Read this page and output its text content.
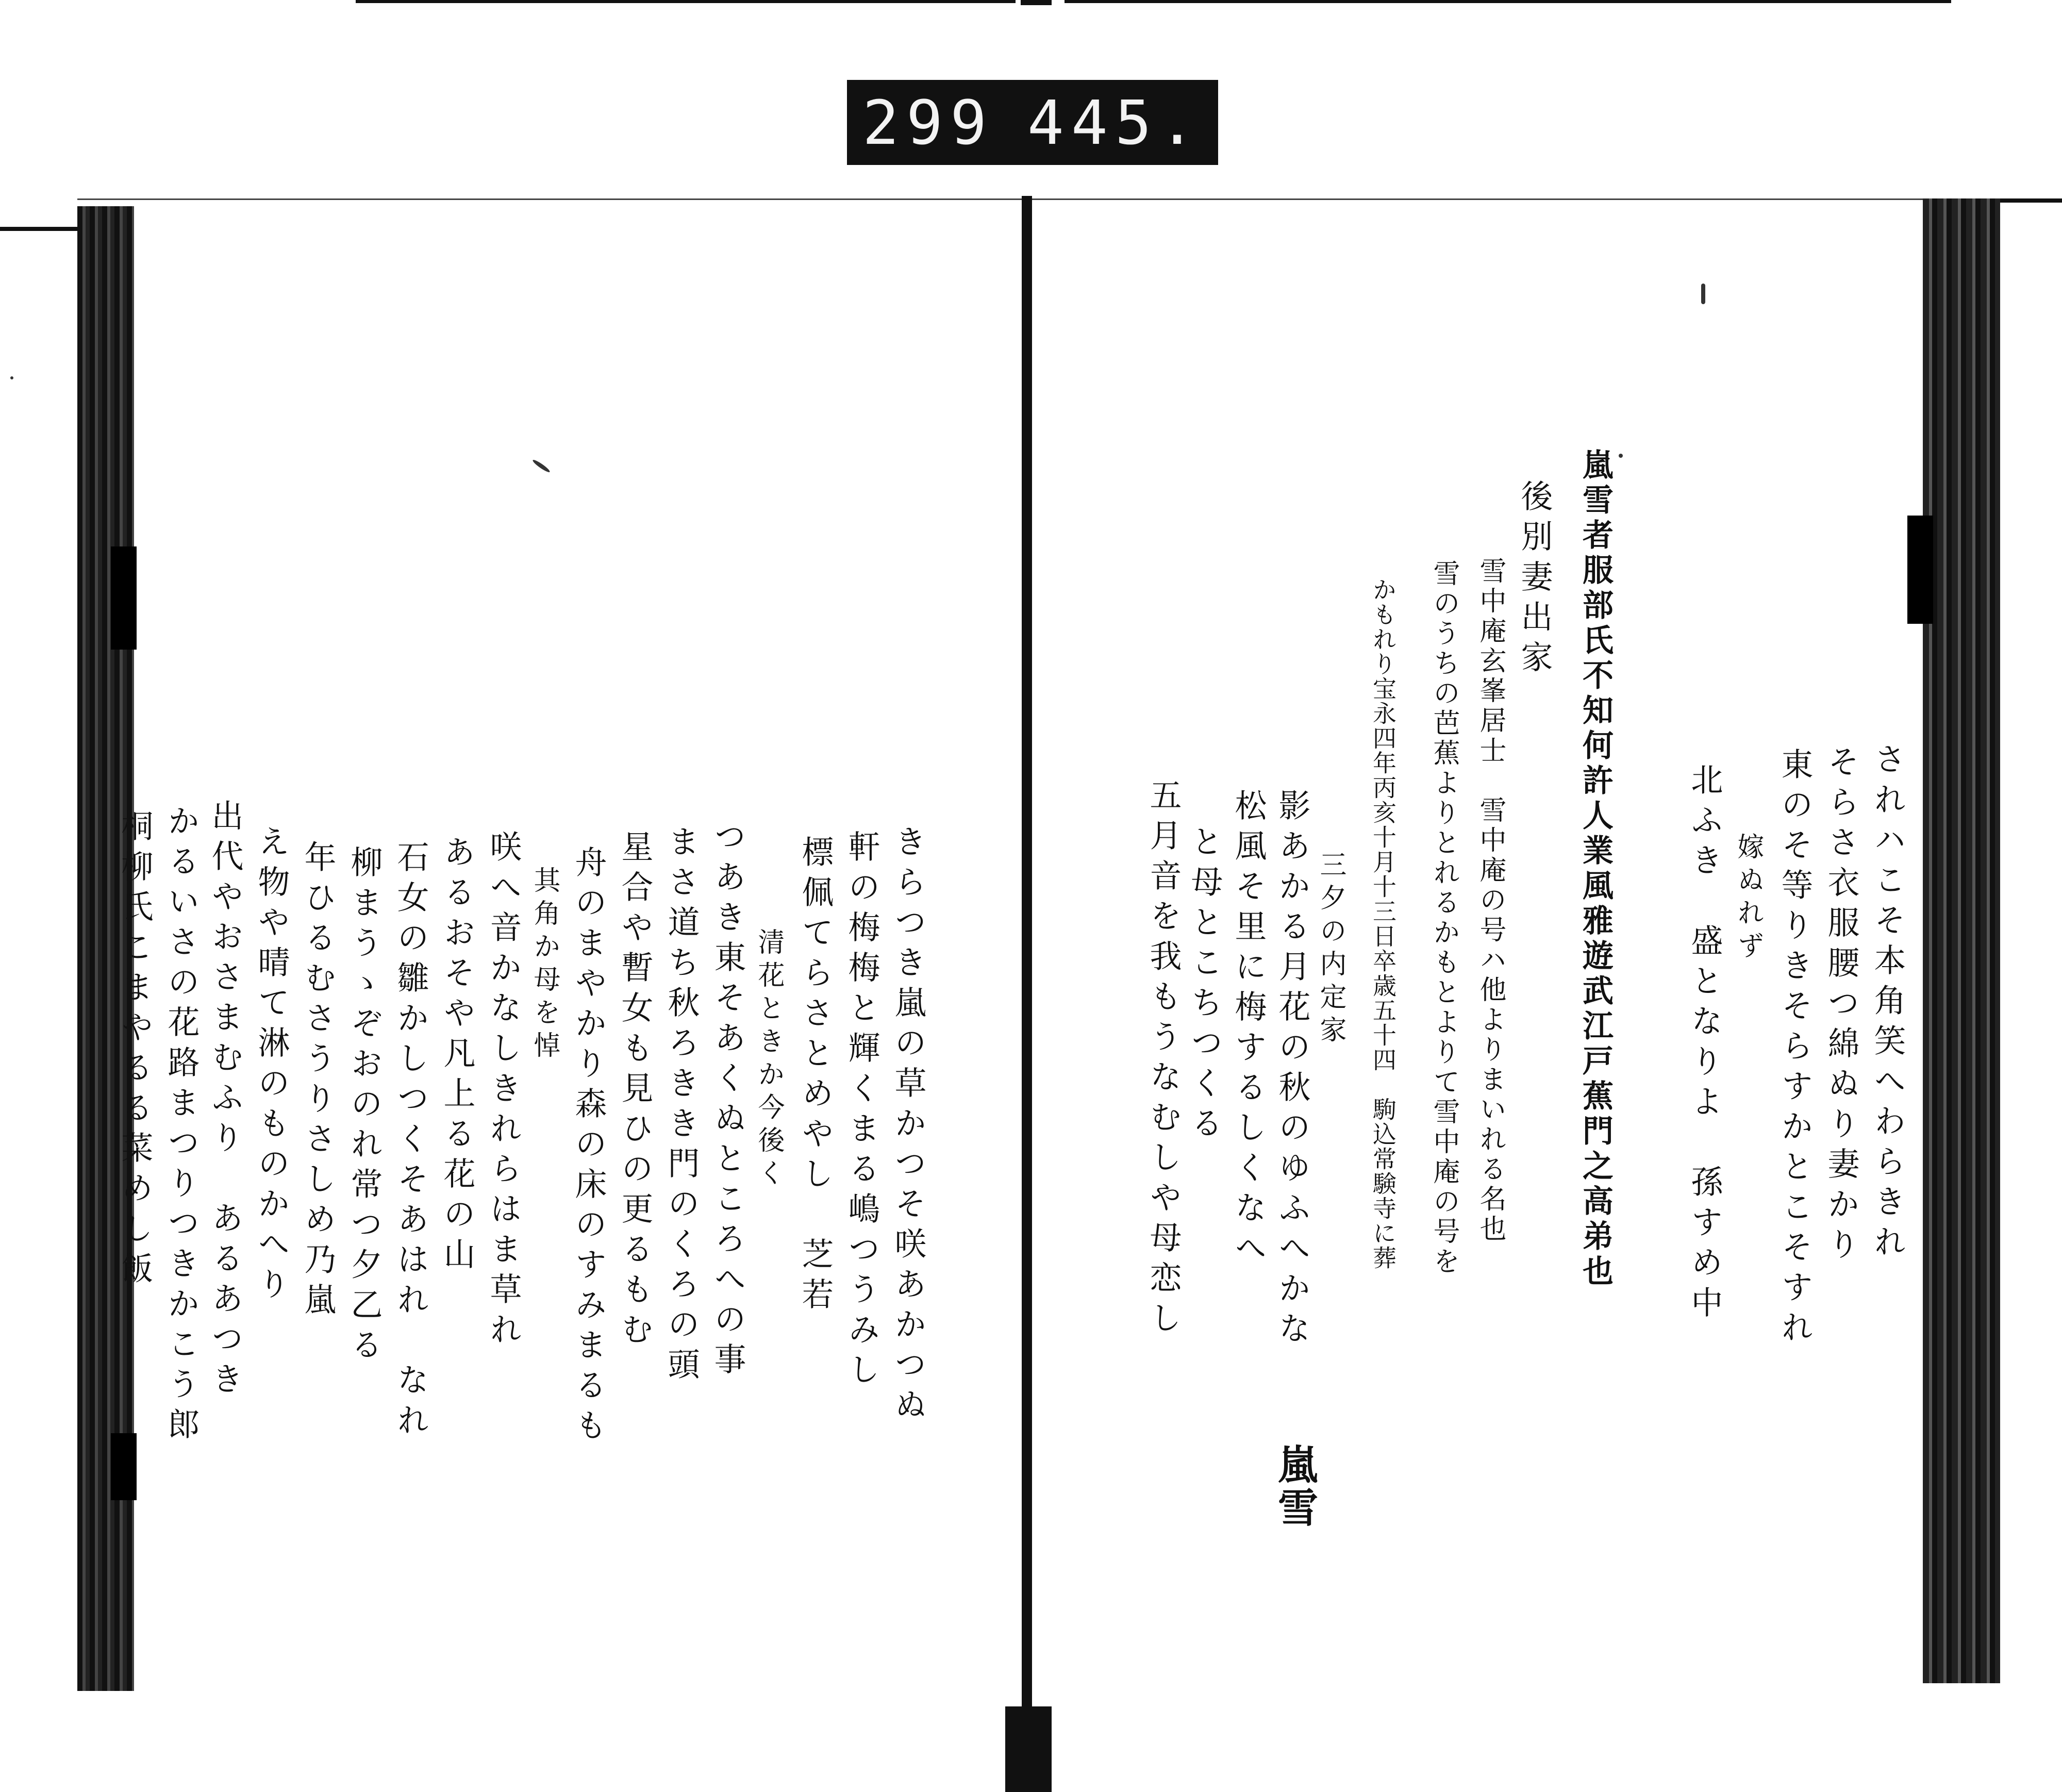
299 445.
されハこそ本角笑へわらきれ
そらさ衣服腰つ綿ぬり妻かり
東のそ等りきそらすかとこそすれ
嫁ぬれず
北ふき　盛となりよ　孫すめ中
嵐雪者服部氏不知何許人業風雅遊武江戸蕉門之高弟也
後別妻出家
雪中庵玄峯居士　雪中庵の号ハ他よりまいれる名也
雪のうちの芭蕉よりとれるかもとよりて雪中庵の号を
かもれり宝永四年丙亥十月十三日卒歳五十四　駒込常験寺に葬
三夕の内定家
影あかる月花の秋のゆふへかな
松風そ里に梅するしくなへ
と母とこちつくる
五月音を我もうなむしや母恋し
嵐雪
きらつき嵐の草かつそ咲あかつぬ
軒の梅梅と輝くまる嶋つうみし
標佩てらさとめやし　芝若
清花ときか今後く
つあき東そあくぬところへの事
まさ道ち秋ろきき門のくろの頭
星合や暫女も見ひの更るもむ
舟のまやかり森の床のすみまるも
其角か母を悼
咲へ音かなしきれらはま草れ
あるおそや凡上る花の山
石女の雛かしつくそあはれ　なれ
柳まうゝぞおのれ常つ夕乙る
年ひるむさうりさしめ乃嵐
え物や晴て淋のものかへり
出代やおさまむふり　あるあつき
かるいさの花路まつりつきかこう郎
桐柳氏こまやるる菜めし飯
